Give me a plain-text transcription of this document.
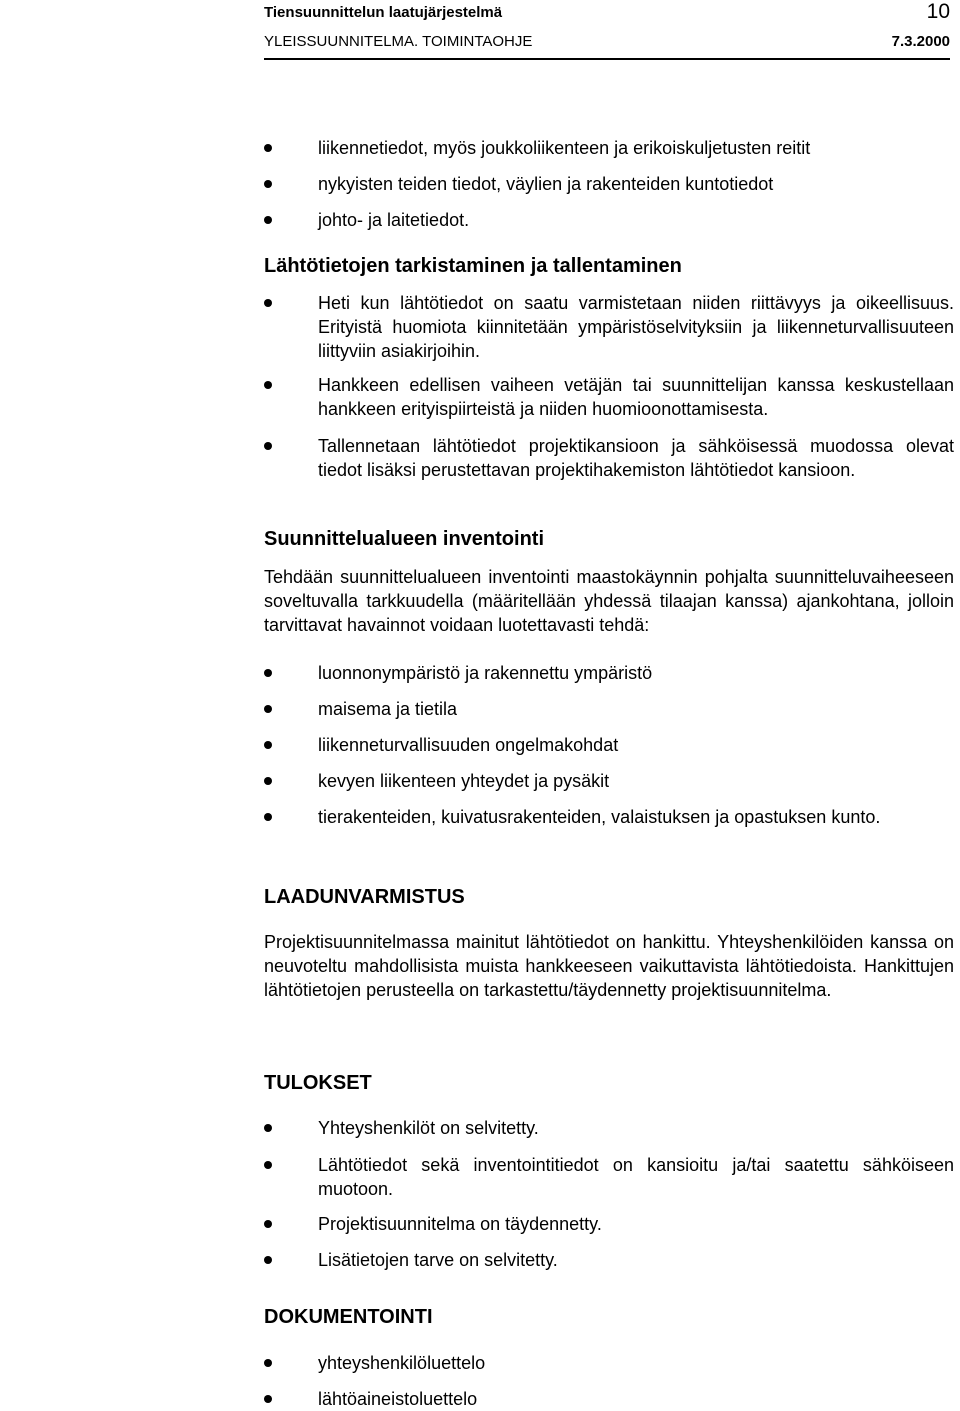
Tiensuunnittelun laatujärjestelmä	10
YLEISSUUNNITELMA. TOIMINTAOHJE	7.3.2000
liikennetiedot, myös joukkoliikenteen ja erikoiskuljetusten reitit
nykyisten teiden tiedot, väylien ja rakenteiden kuntotiedot
johto- ja laitetiedot.
Lähtötietojen tarkistaminen ja tallentaminen
Heti kun lähtötiedot on saatu varmistetaan niiden riittävyys ja oikeellisuus. Erityistä huomiota kiinnitetään ympäristöselvityksiin ja liikenneturvallisuuteen liittyviin asiakirjoihin.
Hankkeen edellisen vaiheen vetäjän tai suunnittelijan kanssa keskustellaan hankkeen erityispiirteistä ja niiden huomioonottamisesta.
Tallennetaan lähtötiedot projektikansioon ja sähköisessä muodossa olevat tiedot lisäksi perustettavan projektihakemiston lähtötiedot kansioon.
Suunnittelualueen inventointi

Tehdään suunnittelualueen inventointi maastokäynnin pohjalta suunnitteluvaiheeseen soveltuvalla tarkkuudella (määritellään yhdessä tilaajan kanssa) ajankohtana, jolloin tarvittavat havainnot voidaan luotettavasti tehdä:

luonnonympäristö ja rakennettu ympäristö
maisema ja tietila
liikenneturvallisuuden ongelmakohdat
kevyen liikenteen yhteydet ja pysäkit
tierakenteiden, kuivatusrakenteiden, valaistuksen ja opastuksen kunto.
LAADUNVARMISTUS

Projektisuunnitelmassa mainitut lähtötiedot on hankittu. Yhteyshenkilöiden kanssa on neuvoteltu mahdollisista muista hankkeeseen vaikuttavista lähtötiedoista. Hankittujen lähtötietojen perusteella on tarkastettu/täydennetty projektisuunnitelma.

TULOKSET
Yhteyshenkilöt on selvitetty.
Lähtötiedot sekä inventointitiedot on kansioitu ja/tai saatettu sähköiseen muotoon.
Projektisuunnitelma on täydennetty.
Lisätietojen tarve on selvitetty.
DOKUMENTOINTI
yhteyshenkilöluettelo
lähtöaineistoluettelo
